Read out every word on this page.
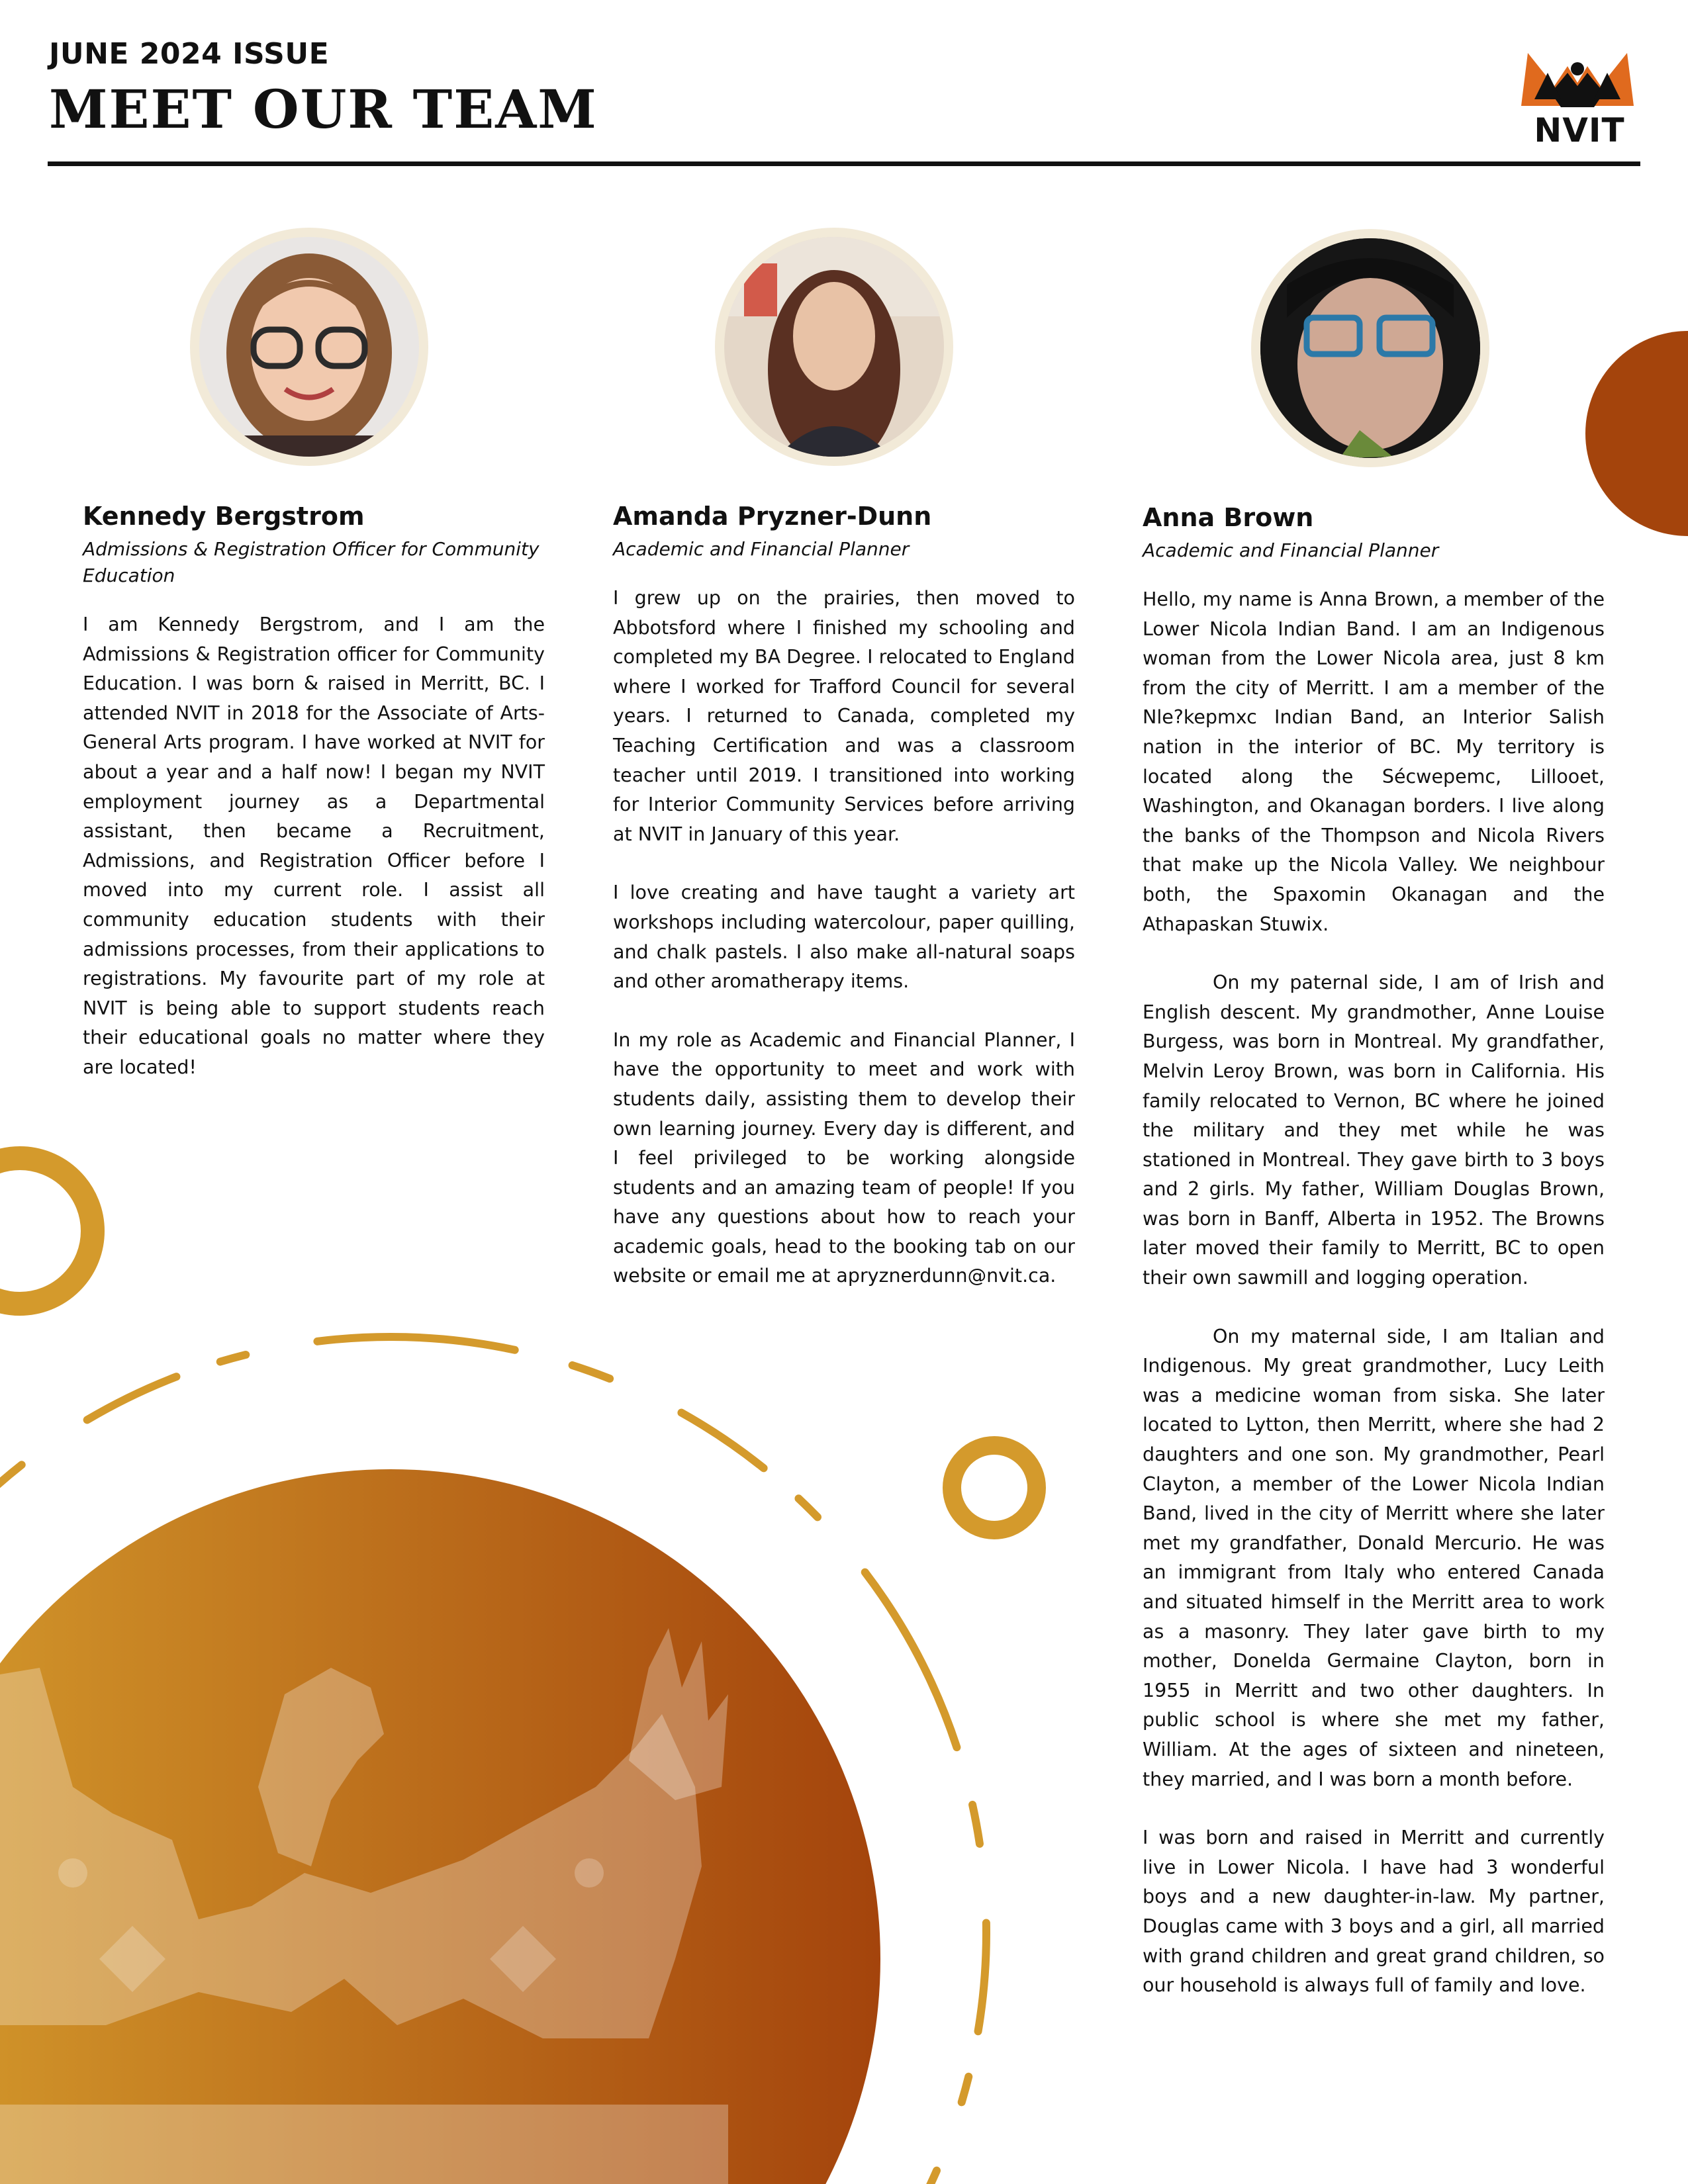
JUNE 2024 ISSUE
MEET OUR TEAM	NVIT

Kennedy Bergstrom

Admissions & Registration Officer for Community Education

I am Kennedy Bergstrom, and I am the Admissions & Registration officer for Community Education. I was born & raised in Merritt, BC. I attended NVIT in 2018 for the Associate of Arts-General Arts program. I have worked at NVIT for about a year and a half now! I began my NVIT employment journey as a Departmental assistant, then became a Recruitment, Admissions, and Registration Officer before I moved into my current role. I assist all community education students with their admissions processes, from their applications to registrations. My favourite part of my role at NVIT is being able to support students reach their educational goals no matter where they are located!

Amanda Pryzner-Dunn

Academic and Financial Planner

I grew up on the prairies, then moved to Abbotsford where I finished my schooling and completed my BA Degree. I relocated to England where I worked for Trafford Council for several years. I returned to Canada, completed my Teaching Certification and was a classroom teacher until 2019. I transitioned into working for Interior Community Services before arriving at NVIT in January of this year.

I love creating and have taught a variety art workshops including watercolour, paper quilling, and chalk pastels. I also make all-natural soaps and other aromatherapy items.

In my role as Academic and Financial Planner, I have the opportunity to meet and work with students daily, assisting them to develop their own learning journey. Every day is different, and I feel privileged to be working alongside students and an amazing team of people! If you have any questions about how to reach your academic goals, head to the booking tab on our website or email me at apryznerdunn@nvit.ca.

Anna Brown

Academic and Financial Planner

Hello, my name is Anna Brown, a member of the Lower Nicola Indian Band. I am an Indigenous woman from the Lower Nicola area, just 8 km from the city of Merritt. I am a member of the Nle?kepmxc Indian Band, an Interior Salish nation in the interior of BC. My territory is located along the Sécwepemc, Lillooet, Washington, and Okanagan borders. I live along the banks of the Thompson and Nicola Rivers that make up the Nicola Valley. We neighbour both, the Spaxomin Okanagan and the Athapaskan Stuwix.

On my paternal side, I am of Irish and English descent. My grandmother, Anne Louise Burgess, was born in Montreal. My grandfather, Melvin Leroy Brown, was born in California. His family relocated to Vernon, BC where he joined the military and they met while he was stationed in Montreal. They gave birth to 3 boys and 2 girls. My father, William Douglas Brown, was born in Banff, Alberta in 1952. The Browns later moved their family to Merritt, BC to open their own sawmill and logging operation.

On my maternal side, I am Italian and Indigenous. My great grandmother, Lucy Leith was a medicine woman from siska. She later located to Lytton, then Merritt, where she had 2 daughters and one son. My grandmother, Pearl Clayton, a member of the Lower Nicola Indian Band, lived in the city of Merritt where she later met my grandfather, Donald Mercurio. He was an immigrant from Italy who entered Canada and situated himself in the Merritt area to work as a masonry. They later gave birth to my mother, Donelda Germaine Clayton, born in 1955 in Merritt and two other daughters. In public school is where she met my father, William. At the ages of sixteen and nineteen, they married, and I was born a month before.

I was born and raised in Merritt and currently live in Lower Nicola. I have had 3 wonderful boys and a new daughter-in-law. My partner, Douglas came with 3 boys and a girl, all married with grand children and great grand children, so our household is always full of family and love.
